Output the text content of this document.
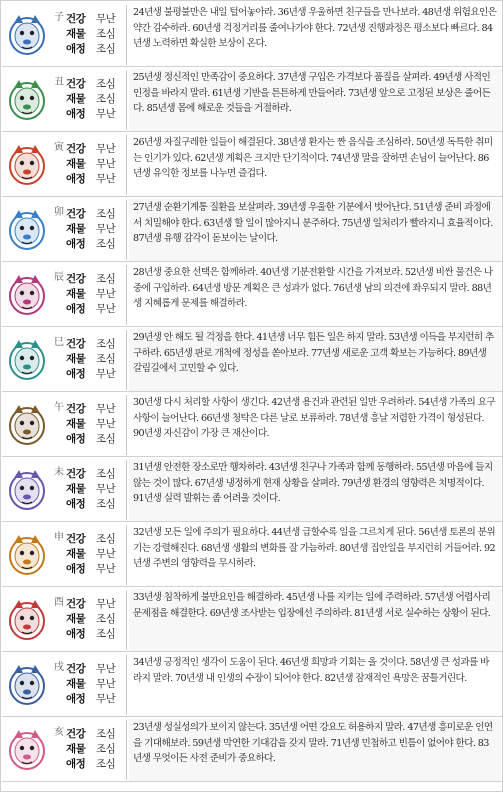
子 건강	무난
재물	조심
애정	조심
24년생 불평불만은 내일 털어놓아라. 36년생 우울하면 친구들을 만나보라. 48년생 위험요인은 약간 감수하라. 60년생 걱정거리를 줄여나가야 한다. 72년생 진행과정은 평소보다 빠르다. 84년생 노력하면 확실한 보상이 온다.
丑 건강	조심
재물	조심
애정	무난
25년생 정신적인 만족감이 중요하다. 37년생 구입은 가격보다 품질을 살펴라. 49년생 사적인 인정을 바라지 말라. 61년생 기반을 튼튼하게 만들어라. 73년생 앞으로 고정된 보상은 줄어든다. 85년생 몸에 해로운 것들을 거절하라.
寅 건강	무난
재물	무난
애정	무난
26년생 자질구레한 일들이 해결된다. 38년생 환자는 짠 음식을 조심하라. 50년생 독특한 취미는 인기가 있다. 62년생 계획은 크지만 단기적이다. 74년생 말을 잘하면 손님이 늘어난다. 86년생 유익한 정보를 나누면 즐겁다.
卯 건강	조심
재물	무난
애정	조심
27년생 순환기계통 질환을 보살펴라. 39년생 우울한 기분에서 벗어난다. 51년생 준비 과정에서 치밀해야 한다. 63년생 할 일이 많아지니 분주하다. 75년생 일처리가 빨라지니 효율적이다. 87년생 유행 감각이 돋보이는 날이다.
辰 건강	조심
재물	무난
애정	무난
28년생 중요한 선택은 함께하라. 40년생 기분전환할 시간을 가져보라. 52년생 비싼 물건은 나중에 구입하라. 64년생 방문 계획은 큰 성과가 없다. 76년생 남의 의견에 좌우되지 말라. 88년생 지혜롭게 문제를 해결하라.
巳 건강	조심
재물	조심
애정	무난
29년생 안 해도 될 걱정을 한다. 41년생 너무 힘든 일은 하지 말라. 53년생 이득을 부지런히 추구하라. 65년생 판로 개척에 정성을 쏟아보라. 77년생 새로운 고객 확보는 가능하다. 89년생 갈림길에서 고민할 수 있다.
午 건강	무난
재물	무난
애정	조심
30년생 다시 처리할 사항이 생긴다. 42년생 용건과 관련된 일만 우려하라. 54년생 가족의 요구사항이 늘어난다. 66년생 청탁은 다른 날로 보류하라. 78년생 흥날 저렴한 가격이 형성된다. 90년생 자신감이 가장 큰 재산이다.
未 건강	조심
재물	무난
애정	조심
31년생 안전한 장소로만 행차하라. 43년생 친구나 가족과 함께 동행하라. 55년생 마음에 들지 않는 것이 많다. 67년생 냉정하게 현재 상황을 살펴라. 79년생 환경의 영향력은 치명적이다. 91년생 실력 발휘는 좀 어려울 것이다.
申 건강	조심
재물	무난
애정	무난
32년생 모든 일에 주의가 필요하다. 44년생 급할수록 일을 그르치게 된다. 56년생 토론의 분위기는 강렬해진다. 68년생 생활의 변화를 잘 가늠하라. 80년생 집안일을 부지런히 거들어라. 92년생 주변의 영향력을 무시하라.
酉 건강	무난
재물	조심
애정	조심
33년생 침착하게 불만요인을 해결하라. 45년생 나를 지키는 일에 주력하라. 57년생 어렵사리 문제점을 해결한다. 69년생 조사받는 입장에선 주의하라. 81년생 서로 실수하는 상황이 된다.
戌 건강	무난
재물	무난
애정	무난
34년생 긍정적인 생각이 도움이 된다. 46년생 희망과 기회는 올 것이다. 58년생 큰 성과를 바라지 말라. 70년생 내 인생의 수장이 되어야 한다. 82년생 잠재적인 욕망은 꿈틀거린다.
亥 건강	조심
재물	조심
애정	조심
23년생 성실성의가 보이지 않는다. 35년생 어떤 강요도 허용하지 말라. 47년생 흥미로운 인연을 기대해보라. 59년생 막연한 기대감을 갖지 말라. 71년생 민첩하고 빈틈이 없어야 한다. 83년생 무엇이든 사전 준비가 중요하다.
